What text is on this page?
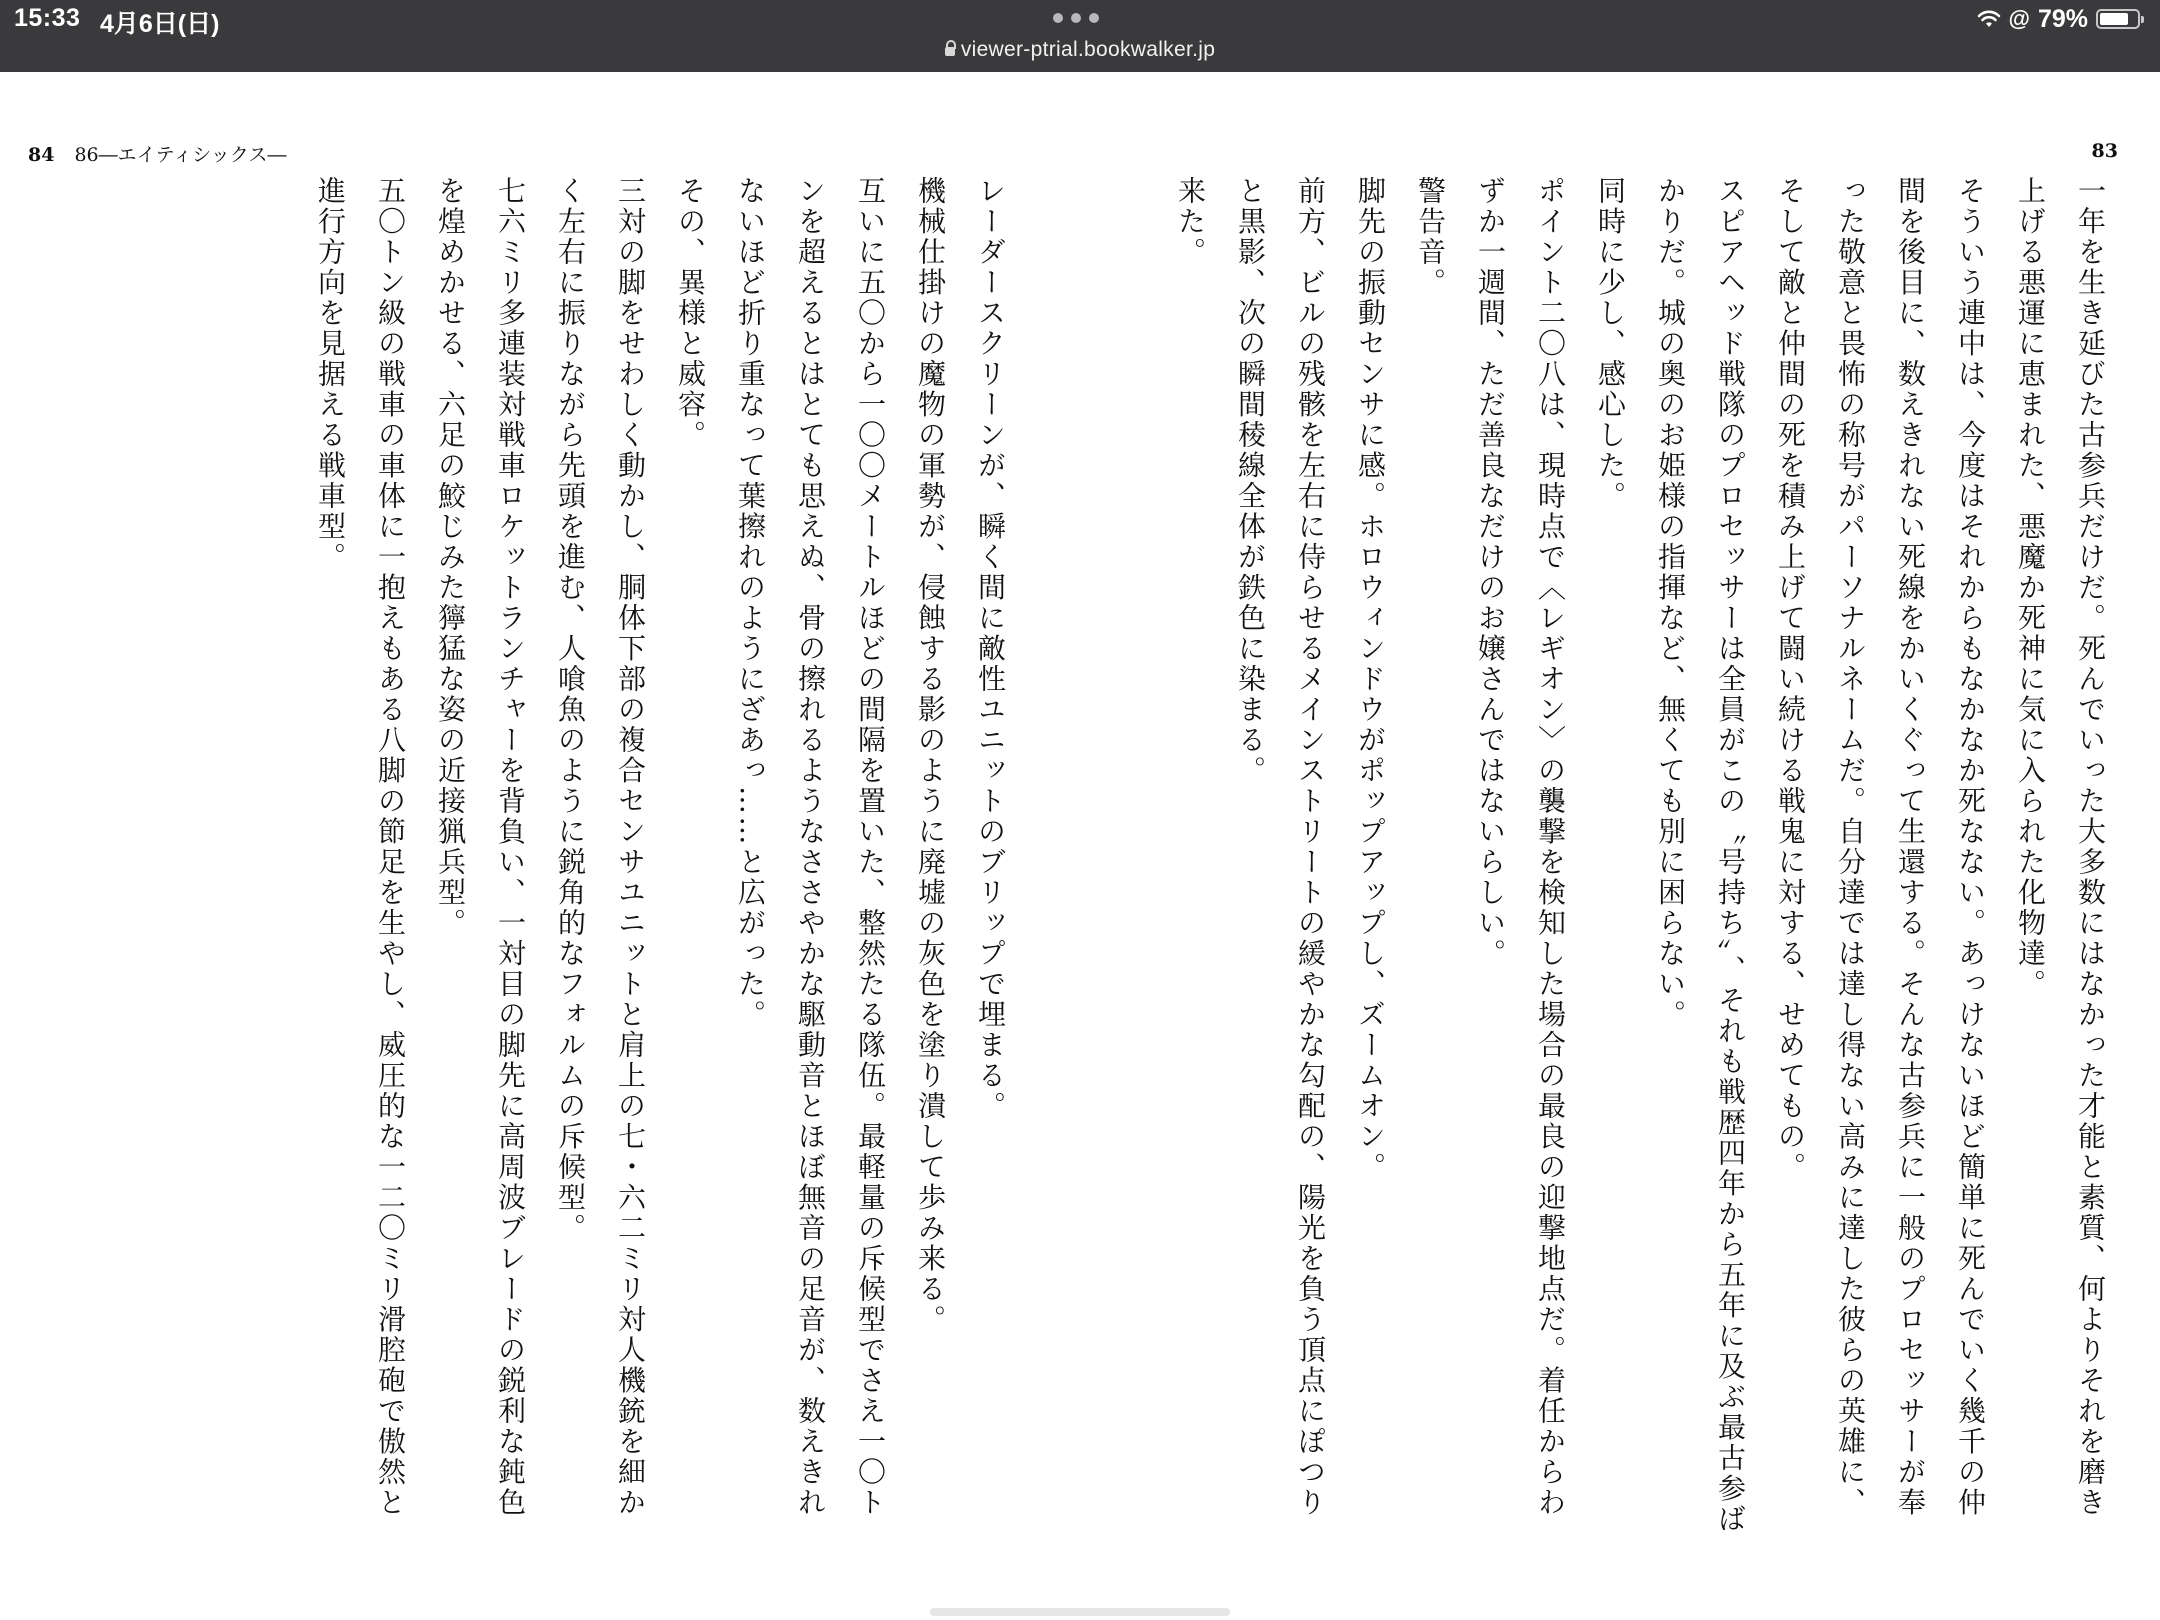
15:33 4月6日(日)
viewer-ptrial.bookwalker.jp
@ 79%
84 86―エイティシックス―	83

一年を生き延びた古参兵だけだ。死んでいった大多数にはなかった才能と素質、何よりそれを磨き上げる悪運に恵まれた、悪魔か死神に気に入られた化物達。

そういう連中は、今度はそれからもなかなか死なない。あっけないほど簡単に死んでいく幾千の仲間を後目に、数えきれない死線をかいくぐって生還する。そんな古参兵に一般のプロセッサーが奉った敬意と畏怖の称号がパーソナルネームだ。自分達では達し得ない高みに達した彼らの英雄に、そして敵と仲間の死を積み上げて闘い続ける戦鬼に対する、せめてもの。

スピアヘッド戦隊のプロセッサーは全員がこの〝号持ち〟、それも戦歴四年から五年に及ぶ最古参ばかりだ。城の奥のお姫様の指揮など、無くても別に困らない。

同時に少し、感心した。

ポイント二〇八は、現時点で〈レギオン〉の襲撃を検知した場合の最良の迎撃地点だ。着任からわずか一週間、ただ善良なだけのお嬢さんではないらしい。

警告音。

脚先の振動センサに感。ホロウィンドウがポップアップし、ズームオン。

前方、ビルの残骸を左右に侍らせるメインストリートの緩やかな勾配の、陽光を負う頂点にぽつりと黒影、次の瞬間稜線全体が鉄色に染まる。

来た。

レーダースクリーンが、瞬く間に敵性ユニットのブリップで埋まる。

機械仕掛けの魔物の軍勢が、侵蝕する影のように廃墟の灰色を塗り潰して歩み来る。

互いに五〇から一〇〇メートルほどの間隔を置いた、整然たる隊伍。最軽量の斥候型でさえ一〇トンを超えるとはとても思えぬ、骨の擦れるようなささやかな駆動音とほぼ無音の足音が、数えきれないほど折り重なって葉擦れのようにざあっ……と広がった。

その、異様と威容。

三対の脚をせわしく動かし、胴体下部の複合センサユニットと肩上の七・六二ミリ対人機銃を細かく左右に振りながら先頭を進む、人喰魚のように鋭角的なフォルムの斥候型。

七六ミリ多連装対戦車ロケットランチャーを背負い、一対目の脚先に高周波ブレードの鋭利な鈍色を煌めかせる、六足の鮫じみた獰猛な姿の近接猟兵型。

五〇トン級の戦車の車体に一抱えもある八脚の節足を生やし、威圧的な一二〇ミリ滑腔砲で傲然と進行方向を見据える戦車型。
